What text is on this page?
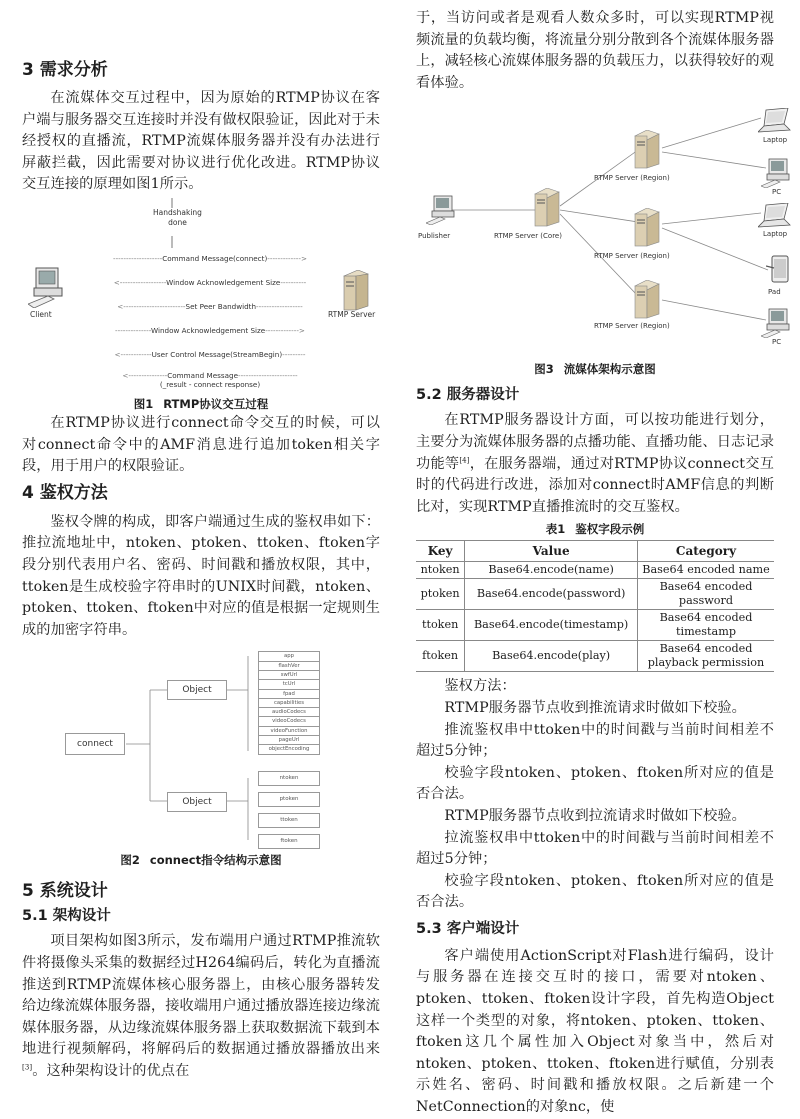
3 需求分析

在流媒体交互过程中，因为原始的RTMP协议在客户端与服务器交互连接时并没有做权限验证，因此对于未经授权的直播流，RTMP流媒体服务器并没有办法进行屏蔽拦截，因此需要对协议进行优化改进。RTMP协议交互连接的原理如图1所示。

Handshaking
done
Client	RTMP Server
-------------------Command Message(connect)------------->
<------------------Window Acknowledgement Size----------
<------------------------Set Peer Bandwidth------------------
--------------Window Acknowledgement Size------------->
<------------User Control Message(StreamBegin)---------
<---------------Command Message-----------------------
(_result - connect response)
图1 RTMP协议交互过程

在RTMP协议进行connect命令交互的时候，可以对connect命令中的AMF消息进行追加token相关字段，用于用户的权限验证。

4 鉴权方法

鉴权令牌的构成，即客户端通过生成的鉴权串如下：推拉流地址中，ntoken、ptoken、ttoken、ftoken字段分别代表用户名、密码、时间戳和播放权限，其中，ttoken是生成校验字符串时的UNIX时间戳，ntoken、ptoken、ttoken、ftoken中对应的值是根据一定规则生成的加密字符串。

connect
Object
Object
app
flashVer
swfUrl
tcUrl
fpad
capabilities
audioCodecs
videoCodecs
videoFunction
pageUrl
objectEncoding
ntoken
ptoken
ttoken
ftoken
图2 connect指令结构示意图
5 系统设计
5.1 架构设计

项目架构如图3所示，发布端用户通过RTMP推流软件将摄像头采集的数据经过H264编码后，转化为直播流推送到RTMP流媒体核心服务器上，由核心服务器转发给边缘流媒体服务器，接收端用户通过播放器连接边缘流媒体服务器，从边缘流媒体服务器上获取数据流下载到本地进行视频解码，将解码后的数据通过播放器播放出来[3]。这种架构设计的优点在

于，当访问或者是观看人数众多时，可以实现RTMP视频流量的负载均衡，将流量分别分散到各个流媒体服务器上，减轻核心流媒体服务器的负载压力，以获得较好的观看体验。

Publisher	RTMP Server (Core)
RTMP Server (Region)
RTMP Server (Region)
RTMP Server (Region)
Laptop
PC
Laptop
Pad
PC
图3 流媒体架构示意图
5.2 服务器设计

在RTMP服务器设计方面，可以按功能进行划分，主要分为流媒体服务器的点播功能、直播功能、日志记录功能等[4]，在服务器端，通过对RTMP协议connect交互时的代码进行改进，添加对connect时AMF信息的判断比对，实现RTMP直播推流时的交互鉴权。

表1 鉴权字段示例
Key	Value	Category
ntoken	Base64.encode(name)	Base64 encoded name
ptoken	Base64.encode(password)	Base64 encoded password
ttoken	Base64.encode(timestamp)	Base64 encoded timestamp
ftoken	Base64.encode(play)	Base64 encoded playback permission

鉴权方法：

RTMP服务器节点收到推流请求时做如下校验。

推流鉴权串中ttoken中的时间戳与当前时间相差不超过5分钟；

校验字段ntoken、ptoken、ftoken所对应的值是否合法。

RTMP服务器节点收到拉流请求时做如下校验。

拉流鉴权串中ttoken中的时间戳与当前时间相差不超过5分钟；

校验字段ntoken、ptoken、ftoken所对应的值是否合法。

5.3 客户端设计

客户端使用ActionScript对Flash进行编码，设计与服务器在连接交互时的接口，需要对ntoken、ptoken、ttoken、ftoken设计字段，首先构造Object这样一个类型的对象，将ntoken、ptoken、ttoken、ftoken这几个属性加入Object对象当中，然后对ntoken、ptoken、ttoken、ftoken进行赋值，分别表示姓名、密码、时间戳和播放权限。之后新建一个NetConnection的对象nc，使
